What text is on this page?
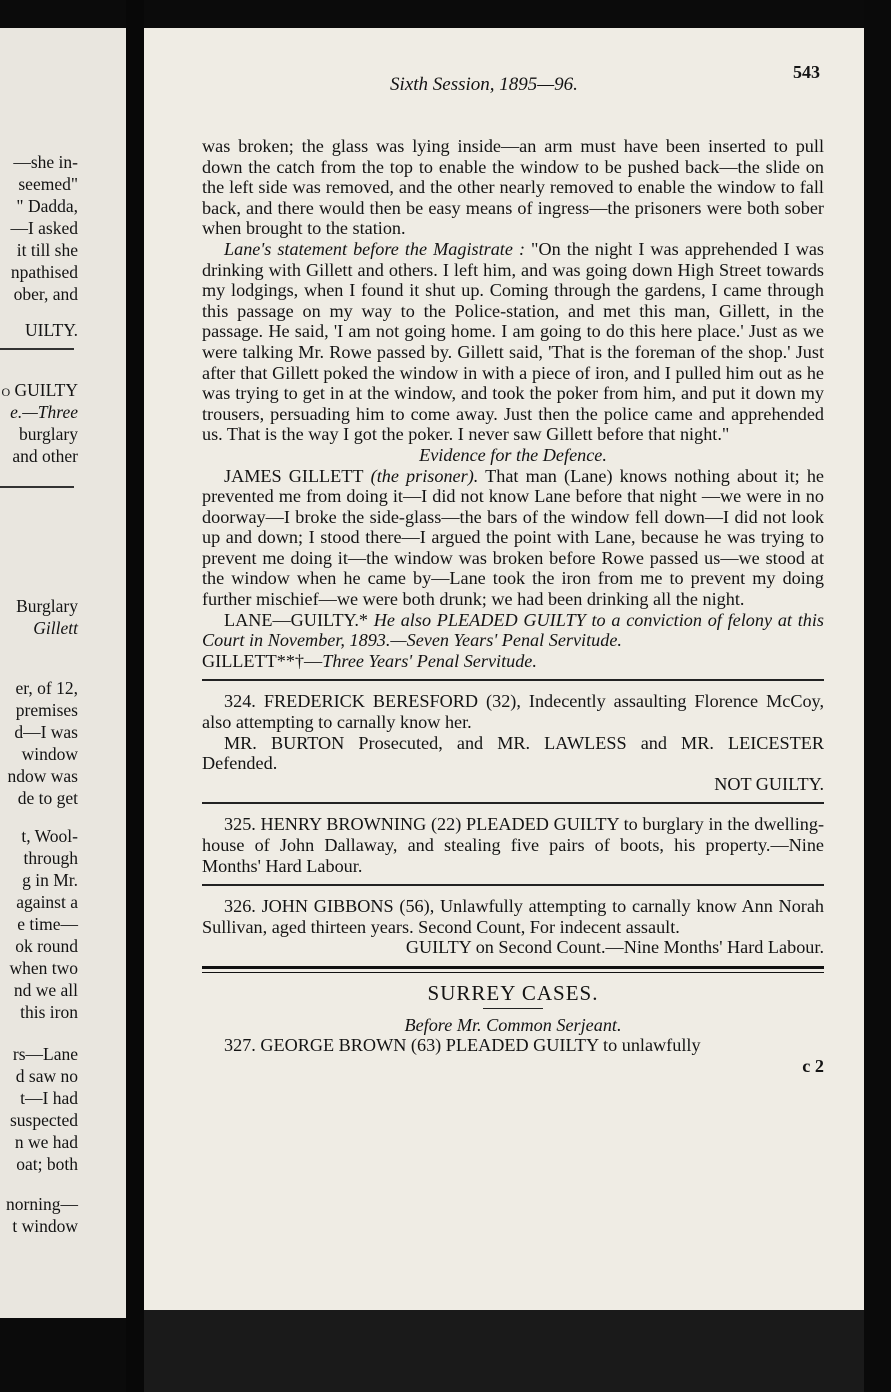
—she in-
seemed"
" Dadda,
—I asked
it till she
npathised
ober, and
UILTY.
o GUILTY
e.—Three
burglary
and other
Burglary
Gillett
er, of 12,
premises
d—I was
window
ndow was
de to get
t, Wool-
through
g in Mr.
against a
e time—
ok round
when two
nd we all
this iron
rs—Lane
d saw no
t—I had
suspected
n we had
oat; both
norning—
t window
Sixth Session, 1895—96.
543

was broken; the glass was lying inside—an arm must have been inserted to pull down the catch from the top to enable the window to be pushed back—the slide on the left side was removed, and the other nearly removed to enable the window to fall back, and there would then be easy means of ingress—the prisoners were both sober when brought to the station.

Lane's statement before the Magistrate : "On the night I was apprehended I was drinking with Gillett and others. I left him, and was going down High Street towards my lodgings, when I found it shut up. Coming through the gardens, I came through this passage on my way to the Police-station, and met this man, Gillett, in the passage. He said, 'I am not going home. I am going to do this here place.' Just as we were talking Mr. Rowe passed by. Gillett said, 'That is the foreman of the shop.' Just after that Gillett poked the window in with a piece of iron, and I pulled him out as he was trying to get in at the window, and took the poker from him, and put it down my trousers, persuading him to come away. Just then the police came and apprehended us. That is the way I got the poker. I never saw Gillett before that night."

Evidence for the Defence.

JAMES GILLETT (the prisoner). That man (Lane) knows nothing about it; he prevented me from doing it—I did not know Lane before that night —we were in no doorway—I broke the side-glass—the bars of the window fell down—I did not look up and down; I stood there—I argued the point with Lane, because he was trying to prevent me doing it—the window was broken before Rowe passed us—we stood at the window when he came by—Lane took the iron from me to prevent my doing further mischief—we were both drunk; we had been drinking all the night.

LANE—GUILTY.* He also PLEADED GUILTY to a conviction of felony at this Court in November, 1893.—Seven Years' Penal Servitude.

GILLETT**†—Three Years' Penal Servitude.

324. FREDERICK BERESFORD (32), Indecently assaulting Florence McCoy, also attempting to carnally know her.

MR. BURTON Prosecuted, and MR. LAWLESS and MR. LEICESTER Defended.

NOT GUILTY.

325. HENRY BROWNING (22) PLEADED GUILTY to burglary in the dwelling-house of John Dallaway, and stealing five pairs of boots, his property.—Nine Months' Hard Labour.

326. JOHN GIBBONS (56), Unlawfully attempting to carnally know Ann Norah Sullivan, aged thirteen years. Second Count, For indecent assault.

GUILTY on Second Count.—Nine Months' Hard Labour.

SURREY CASES.

Before Mr. Common Serjeant.

327. GEORGE BROWN (63) PLEADED GUILTY to unlawfully

c 2
